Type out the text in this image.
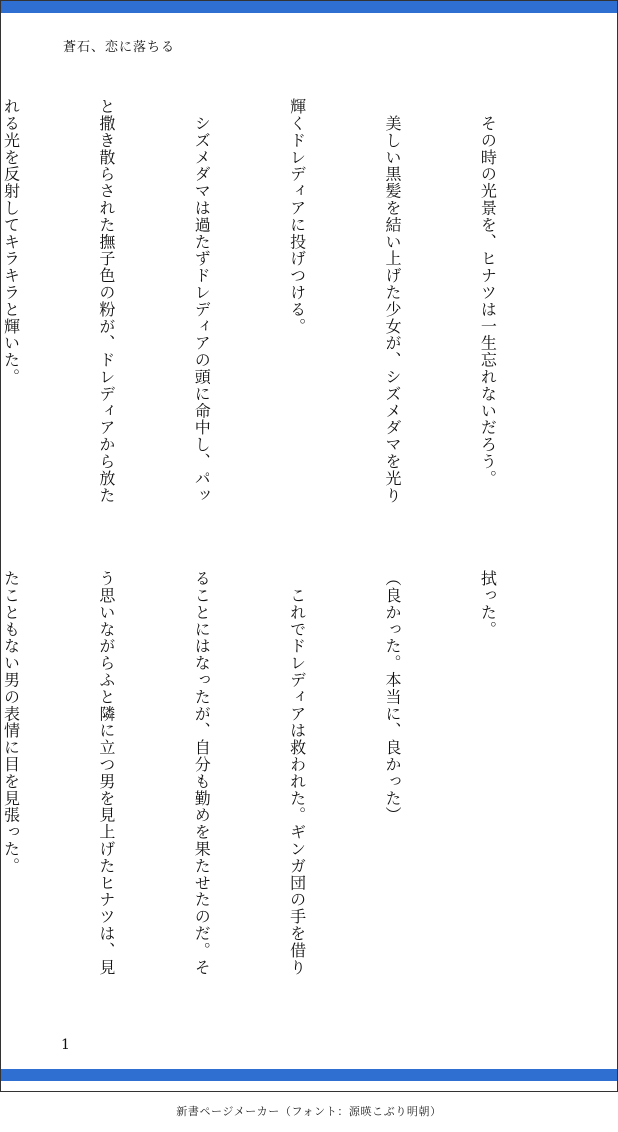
蒼石、恋に落ちる

　その時の光景を、ヒナツは一生忘れないだろう。

　美しい黒髪を結い上げた少女が、シズメダマを光り

輝くドレディアに投げつける。

　シズメダマは過たずドレディアの頭に命中し、パッ

と撒き散らされた撫子色の粉が、ドレディアから放た

れる光を反射してキラキラと輝いた。

拭った。

（良かった。本当に、良かった）

　これでドレディアは救われた。ギンガ団の手を借り

ることにはなったが、自分も勤めを果たせたのだ。そ

う思いながらふと隣に立つ男を見上げたヒナツは、見

たこともない男の表情に目を見張った。

1
新書ページメーカー（フォント：源暎こぶり明朝）
